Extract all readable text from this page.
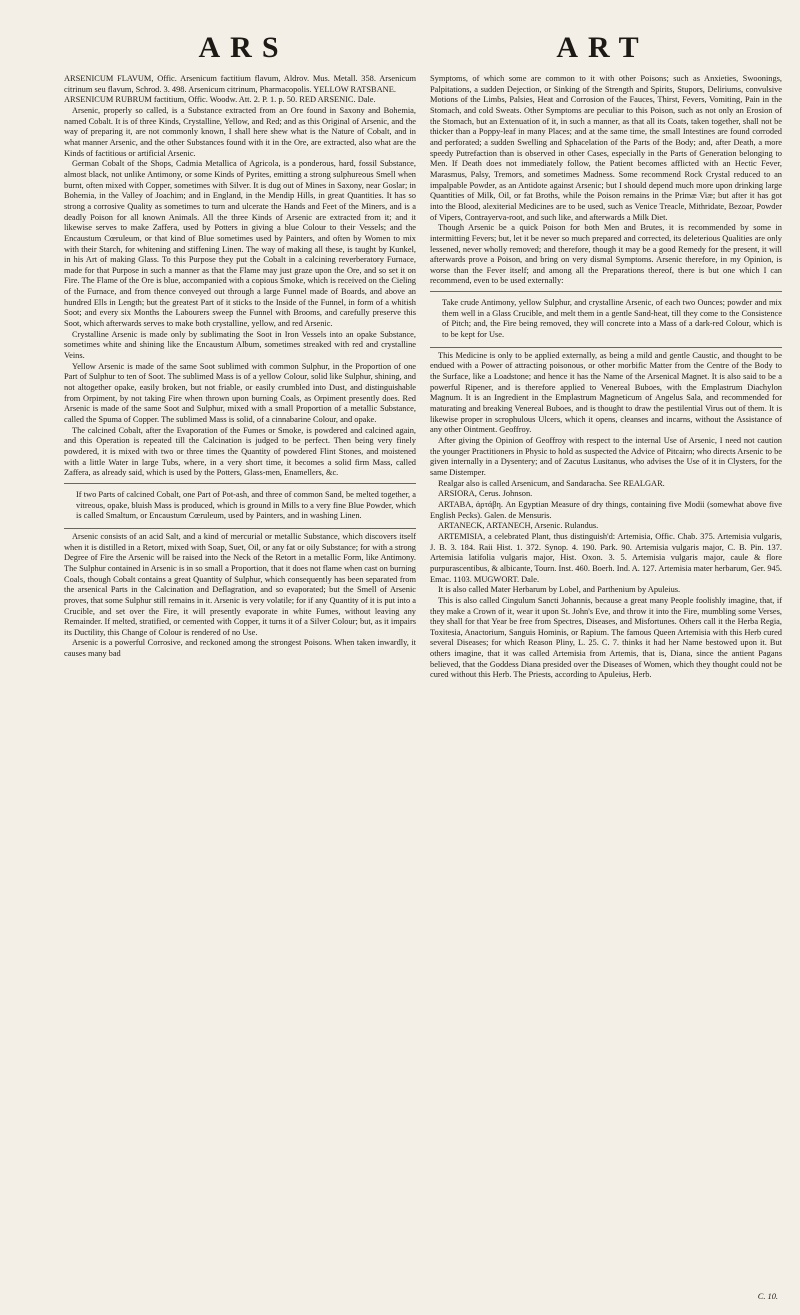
ARS	ART

ARSENICUM FLAVUM, Offic. Arsenicum factitium flavum, Aldrov. Mus. Metall. 358. Arsenicum citrinum seu flavum, Schrod. 3. 498. Arsenicum citrinum, Pharmacopolis. YELLOW RATSBANE.

ARSENICUM RUBRUM factitium, Offic. Woodw. Att. 2. P. 1. p. 50. RED ARSENIC. Dale.

Arsenic, properly so called, is a Substance extracted from an Ore found in Saxony and Bohemia, named Cobalt. It is of three Kinds, Crystalline, Yellow, and Red; and as this Original of Arsenic, and the way of preparing it, are not commonly known, I shall here shew what is the Nature of Cobalt, and in what manner Arsenic, and the other Substances found with it in the Ore, are extracted, also what are the Kinds of factitious or artificial Arsenic.

German Cobalt of the Shops, Cadmia Metallica of Agricola, is a ponderous, hard, fossil Substance, almost black, not unlike Antimony, or some Kinds of Pyrites, emitting a strong sulphureous Smell when burnt, often mixed with Copper, sometimes with Silver. It is dug out of Mines in Saxony, near Goslar; in Bohemia, in the Valley of Joachim; and in England, in the Mendip Hills, in great Quantities. It has so strong a corrosive Quality as sometimes to turn and ulcerate the Hands and Feet of the Miners, and is a deadly Poison for all known Animals. All the three Kinds of Arsenic are extracted from it; and it likewise serves to make Zaffera, used by Potters in giving a blue Colour to their Vessels; and the Encaustum Cœruleum, or that kind of Blue sometimes used by Painters, and often by Women to mix with their Starch, for whitening and stiffening Linen. The way of making all these, is taught by Kunkel, in his Art of making Glass. To this Purpose they put the Cobalt in a calcining reverberatory Furnace, made for that Purpose in such a manner as that the Flame may just graze upon the Ore, and so set it on Fire. The Flame of the Ore is blue, accompanied with a copious Smoke, which is received on the Cieling of the Furnace, and from thence conveyed out through a large Funnel made of Boards, and above an hundred Ells in Length; but the greatest Part of it sticks to the Inside of the Funnel, in form of a whitish Soot; and every six Months the Labourers sweep the Funnel with Brooms, and carefully preserve this Soot, which afterwards serves to make both crystalline, yellow, and red Arsenic.

Crystalline Arsenic is made only by sublimating the Soot in Iron Vessels into an opake Substance, sometimes white and shining like the Encaustum Album, sometimes streaked with red and crystalline Veins.

Yellow Arsenic is made of the same Soot sublimed with common Sulphur, in the Proportion of one Part of Sulphur to ten of Soot. The sublimed Mass is of a yellow Colour, solid like Sulphur, shining, and not altogether opake, easily broken, but not friable, or easily crumbled into Dust, and distinguishable from Orpiment, by not taking Fire when thrown upon burning Coals, as Orpiment presently does. Red Arsenic is made of the same Soot and Sulphur, mixed with a small Proportion of a metallic Substance, called the Spuma of Copper. The sublimed Mass is solid, of a cinnabarine Colour, and opake.

The calcined Cobalt, after the Evaporation of the Fumes or Smoke, is powdered and calcined again, and this Operation is repeated till the Calcination is judged to be perfect. Then being very finely powdered, it is mixed with two or three times the Quantity of powdered Flint Stones, and moistened with a little Water in large Tubs, where, in a very short time, it becomes a solid firm Mass, called Zaffera, as already said, which is used by the Potters, Glass-men, Enamellers, &c.

If two Parts of calcined Cobalt, one Part of Pot-ash, and three of common Sand, be melted together, a vitreous, opake, bluish Mass is produced, which is ground in Mills to a very fine Blue Powder, which is called Smaltum, or Encaustum Cœruleum, used by Painters, and in washing Linen.

Arsenic consists of an acid Salt, and a kind of mercurial or metallic Substance, which discovers itself when it is distilled in a Retort, mixed with Soap, Suet, Oil, or any fat or oily Substance; for with a strong Degree of Fire the Arsenic will be raised into the Neck of the Retort in a metallic Form, like Antimony. The Sulphur contained in Arsenic is in so small a Proportion, that it does not flame when cast on burning Coals, though Cobalt contains a great Quantity of Sulphur, which consequently has been separated from the arsenical Parts in the Calcination and Deflagration, and so evaporated; but the Smell of Arsenic proves, that some Sulphur still remains in it. Arsenic is very volatile; for if any Quantity of it is put into a Crucible, and set over the Fire, it will presently evaporate in white Fumes, without leaving any Remainder. If melted, stratified, or cemented with Copper, it turns it of a Silver Colour; but, as it impairs its Ductility, this Change of Colour is rendered of no Use.

Arsenic is a powerful Corrosive, and reckoned among the strongest Poisons. When taken inwardly, it causes many bad

Symptoms, of which some are common to it with other Poisons; such as Anxieties, Swoonings, Palpitations, a sudden Dejection, or Sinking of the Strength and Spirits, Stupors, Deliriums, convulsive Motions of the Limbs, Palsies, Heat and Corrosion of the Fauces, Thirst, Fevers, Vomiting, Pain in the Stomach, and cold Sweats. Other Symptoms are peculiar to this Poison, such as not only an Erosion of the Stomach, but an Extenuation of it, in such a manner, as that all its Coats, taken together, shall not be thicker than a Poppy-leaf in many Places; and at the same time, the small Intestines are found corroded and perforated; a sudden Swelling and Sphacelation of the Parts of the Body; and, after Death, a more speedy Putrefaction than is observed in other Cases, especially in the Parts of Generation belonging to Men. If Death does not immediately follow, the Patient becomes afflicted with an Hectic Fever, Marasmus, Palsy, Tremors, and sometimes Madness. Some recommend Rock Crystal reduced to an impalpable Powder, as an Antidote against Arsenic; but I should depend much more upon drinking large Quantities of Milk, Oil, or fat Broths, while the Poison remains in the Primæ Viæ; but after it has got into the Blood, alexiterial Medicines are to be used, such as Venice Treacle, Mithridate, Bezoar, Powder of Vipers, Contrayerva-root, and such like, and afterwards a Milk Diet.

Though Arsenic be a quick Poison for both Men and Brutes, it is recommended by some in intermitting Fevers; but, let it be never so much prepared and corrected, its deleterious Qualities are only lessened, never wholly removed; and therefore, though it may be a good Remedy for the present, it will afterwards prove a Poison, and bring on very dismal Symptoms. Arsenic therefore, in my Opinion, is worse than the Fever itself; and among all the Preparations thereof, there is but one which I can recommend, even to be used externally:

Take crude Antimony, yellow Sulphur, and crystalline Arsenic, of each two Ounces; powder and mix them well in a Glass Crucible, and melt them in a gentle Sand-heat, till they come to the Consistence of Pitch; and, the Fire being removed, they will concrete into a Mass of a dark-red Colour, which is to be kept for Use.

This Medicine is only to be applied externally, as being a mild and gentle Caustic, and thought to be endued with a Power of attracting poisonous, or other morbific Matter from the Centre of the Body to the Surface, like a Loadstone; and hence it has the Name of the Arsenical Magnet. It is also said to be a powerful Ripener, and is therefore applied to Venereal Buboes, with the Emplastrum Diachylon Magnum. It is an Ingredient in the Emplastrum Magneticum of Angelus Sala, and recommended for maturating and breaking Venereal Buboes, and is thought to draw the pestilential Virus out of them. It is likewise proper in scrophulous Ulcers, which it opens, cleanses and incarns, without the Assistance of any other Ointment. Geoffroy.

After giving the Opinion of Geoffroy with respect to the internal Use of Arsenic, I need not caution the younger Practitioners in Physic to hold as suspected the Advice of Pitcairn; who directs Arsenic to be given internally in a Dysentery; and of Zacutus Lusitanus, who advises the Use of it in Clysters, for the same Distemper.

Realgar also is called Arsenicum, and Sandaracha. See REALGAR.

ARSIORA, Cerus. Johnson.

ARTABA, ἀρτάβη. An Egyptian Measure of dry things, containing five Modii (somewhat above five English Pecks). Galen. de Mensuris.

ARTANECK, ARTANECH, Arsenic. Rulandus.

ARTEMISIA, a celebrated Plant, thus distinguish'd: Artemisia, Offic. Chab. 375. Artemisia vulgaris, J. B. 3. 184. Raii Hist. 1. 372. Synop. 4. 190. Park. 90. Artemisia vulgaris major, C. B. Pin. 137. Artemisia latifolia vulgaris major, Hist. Oxon. 3. 5. Artemisia vulgaris major, caule & flore purpurascentibus, & albicante, Tourn. Inst. 460. Boerh. Ind. A. 127. Artemisia mater herbarum, Ger. 945. Emac. 1103. MUGWORT. Dale.

It is also called Mater Herbarum by Lobel, and Parthenium by Apuleius.

This is also called Cingulum Sancti Johannis, because a great many People foolishly imagine, that, if they make a Crown of it, wear it upon St. John's Eve, and throw it into the Fire, mumbling some Verses, they shall for that Year be free from Spectres, Diseases, and Misfortunes. Others call it the Herba Regia, Toxitesia, Anactorium, Sanguis Hominis, or Rapium. The famous Queen Artemisia with this Herb cured several Diseases; for which Reason Pliny, L. 25. C. 7. thinks it had her Name bestowed upon it. But others imagine, that it was called Artemisia from Artemis, that is, Diana, since the antient Pagans believed, that the Goddess Diana presided over the Diseases of Women, which they thought could not be cured without this Herb. The Priests, according to Apuleius, Herb.

C. 10.
